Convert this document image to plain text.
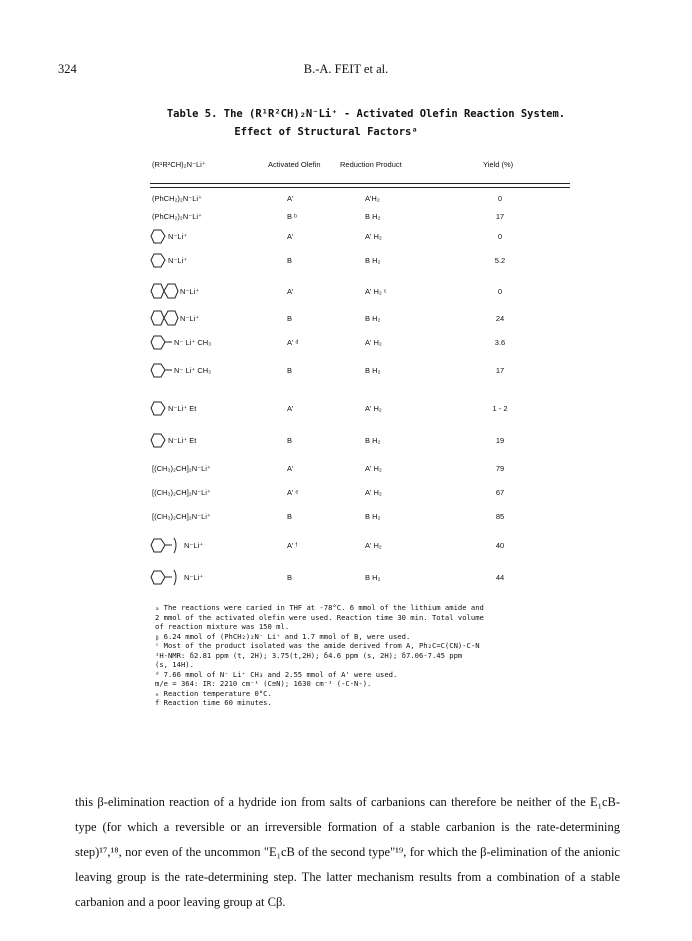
324	B.-A. FEIT et al.
Table 5. The (R¹R²CH)₂N⁻Li⁺ - Activated Olefin Reaction System.
Effect of Structural Factorsᵃ
(R¹R²CH)₂N⁻Li⁺	Activated Olefin	Reduction Product	Yield (%)
(PhCH₂)₂N⁻Li⁺	A'	A'H₂	0
(PhCH₂)₂N⁻Li⁺	B ᵇ	B H₂	17
N⁻Li⁺	A'	A' H₂	0
N⁻Li⁺	B	B H₂	5.2
N⁻Li⁺	A'	A' H₂ ᶜ	0
N⁻Li⁺	B	B H₂	24
N⁻ Li⁺ CH₃	A' ᵈ	A' H₂	3.6
N⁻ Li⁺ CH₃	B	B H₂	17
N⁻Li⁺ Et	A'	A' H₂	1 - 2
N⁻Li⁺ Et	B	B H₂	19
[(CH₃)₂CH]₂N⁻Li⁺	A'	A' H₂	79
[(CH₃)₂CH]₂N⁻Li⁺	A' ᵉ	A' H₂	67
[(CH₃)₂CH]₂N⁻Li⁺	B	B H₂	85
N⁻Li⁺	A' ᶠ	A' H₂	40
N⁻Li⁺	B	B H₂	44
ₐ The reactions were caried in THF at -78°C. 6 mmol of the lithium amide and
2 mmol of the activated olefin were used. Reaction time 30 min. Total volume
of reaction mixture was 150 ml.
ᵦ 6.24 mmol of (PhCH₂)₂N⁻ Li⁺ and 1.7 mmol of B, were used.
ᶜ Most of the product isolated was the amide derived from A, Ph₂C=C(CN)-C-N
¹H-NMR: δ2.81 ppm (t, 2H); 3.75(t,2H); δ4.6 ppm (s, 2H); δ7.06-7.45 ppm
(s, 14H).
ᵈ 7.66 mmol of N⁻ Li⁺ CH₃ and 2.55 mmol of A' were used.
m/e = 364: IR: 2210 cm⁻¹ (C≡N); 1630 cm⁻¹ (-C-N-).
ₑ Reaction temperature 0°C.
f Reaction time 60 minutes.

this β-elimination reaction of a hydride ion from salts of carbanions can therefore be neither of the E₁cB-type (for which a reversible or an irreversible formation of a stable carbanion is the rate-determining step)¹⁷,¹⁸, nor even of the uncommon "E₁cB of the second type"¹⁹, for which the β-elimination of the anionic leaving group is the rate-determining step. The latter mechanism results from a combination of a stable carbanion and a poor leaving group at Cβ.
